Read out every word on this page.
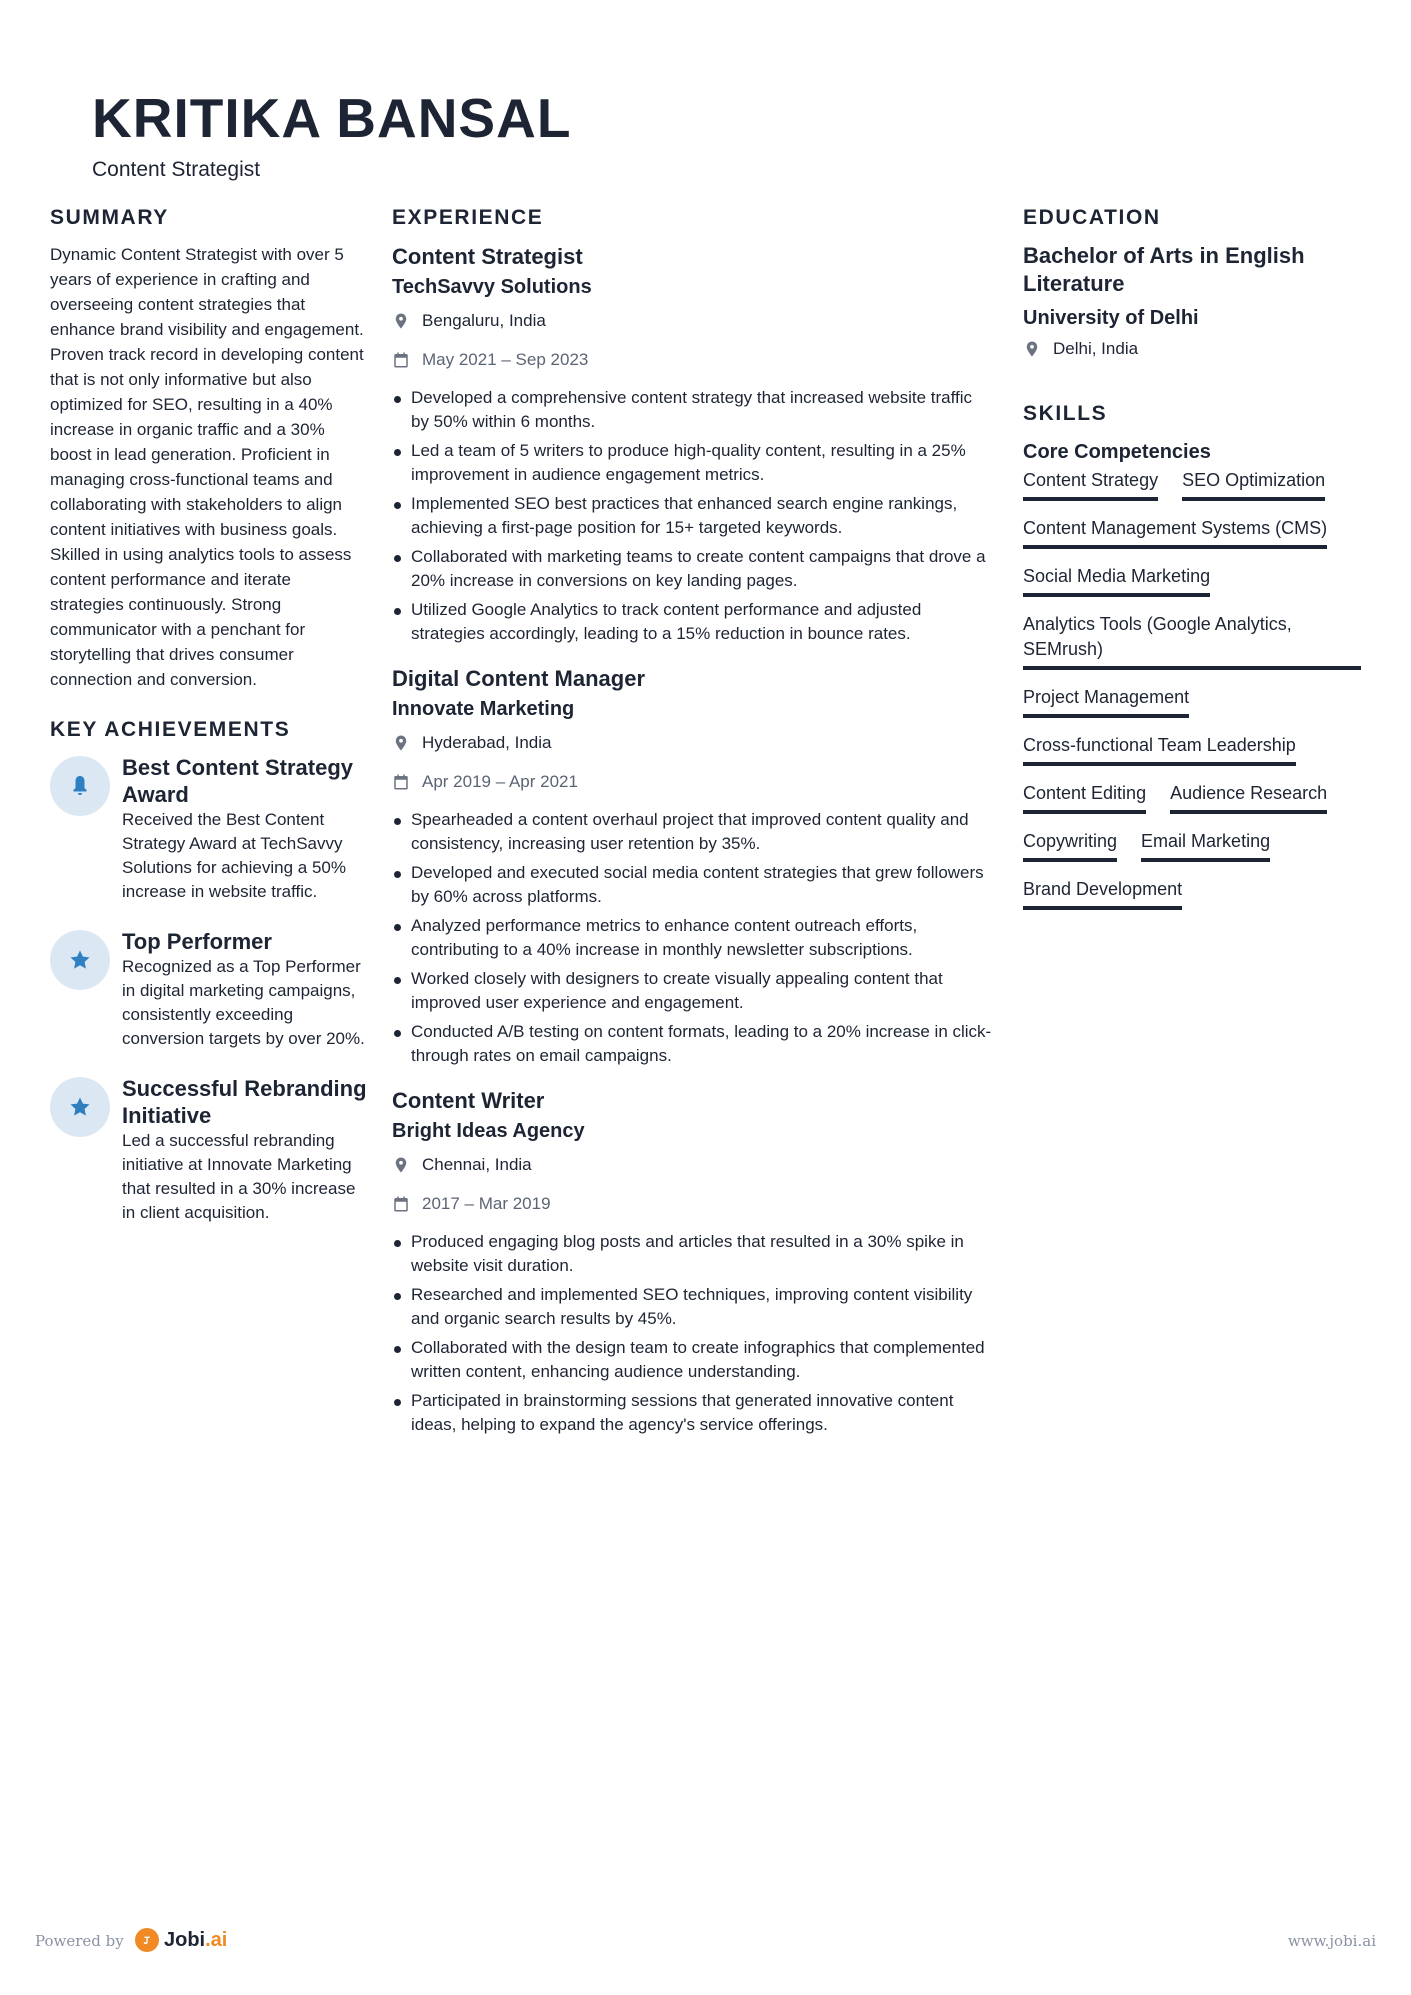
KRITIKA BANSAL
Content Strategist
SUMMARY

Dynamic Content Strategist with over 5 years of experience in crafting and overseeing content strategies that enhance brand visibility and engagement. Proven track record in developing content that is not only informative but also optimized for SEO, resulting in a 40% increase in organic traffic and a 30% boost in lead generation. Proficient in managing cross-functional teams and collaborating with stakeholders to align content initiatives with business goals. Skilled in using analytics tools to assess content performance and iterate strategies continuously. Strong communicator with a penchant for storytelling that drives consumer connection and conversion.

KEY ACHIEVEMENTS
Best Content Strategy Award
Received the Best Content Strategy Award at TechSavvy Solutions for achieving a 50% increase in website traffic.
Top Performer
Recognized as a Top Performer in digital marketing campaigns, consistently exceeding conversion targets by over 20%.
Successful Rebranding Initiative
Led a successful rebranding initiative at Innovate Marketing that resulted in a 30% increase in client acquisition.
EXPERIENCE
Content Strategist
TechSavvy Solutions
Bengaluru, India
May 2021 – Sep 2023
Developed a comprehensive content strategy that increased website traffic by 50% within 6 months.
Led a team of 5 writers to produce high-quality content, resulting in a 25% improvement in audience engagement metrics.
Implemented SEO best practices that enhanced search engine rankings, achieving a first-page position for 15+ targeted keywords.
Collaborated with marketing teams to create content campaigns that drove a 20% increase in conversions on key landing pages.
Utilized Google Analytics to track content performance and adjusted strategies accordingly, leading to a 15% reduction in bounce rates.
Digital Content Manager
Innovate Marketing
Hyderabad, India
Apr 2019 – Apr 2021
Spearheaded a content overhaul project that improved content quality and consistency, increasing user retention by 35%.
Developed and executed social media content strategies that grew followers by 60% across platforms.
Analyzed performance metrics to enhance content outreach efforts, contributing to a 40% increase in monthly newsletter subscriptions.
Worked closely with designers to create visually appealing content that improved user experience and engagement.
Conducted A/B testing on content formats, leading to a 20% increase in click-through rates on email campaigns.
Content Writer
Bright Ideas Agency
Chennai, India
2017 – Mar 2019
Produced engaging blog posts and articles that resulted in a 30% spike in website visit duration.
Researched and implemented SEO techniques, improving content visibility and organic search results by 45%.
Collaborated with the design team to create infographics that complemented written content, enhancing audience understanding.
Participated in brainstorming sessions that generated innovative content ideas, helping to expand the agency's service offerings.
EDUCATION
Bachelor of Arts in English Literature
University of Delhi
Delhi, India
SKILLS
Core Competencies
Content Strategy SEO Optimization
Content Management Systems (CMS)
Social Media Marketing
Analytics Tools (Google Analytics, SEMrush)
Project Management
Cross-functional Team Leadership
Content Editing Audience Research
Copywriting Email Marketing
Brand Development
Powered by Jobi.ai	www.jobi.ai
